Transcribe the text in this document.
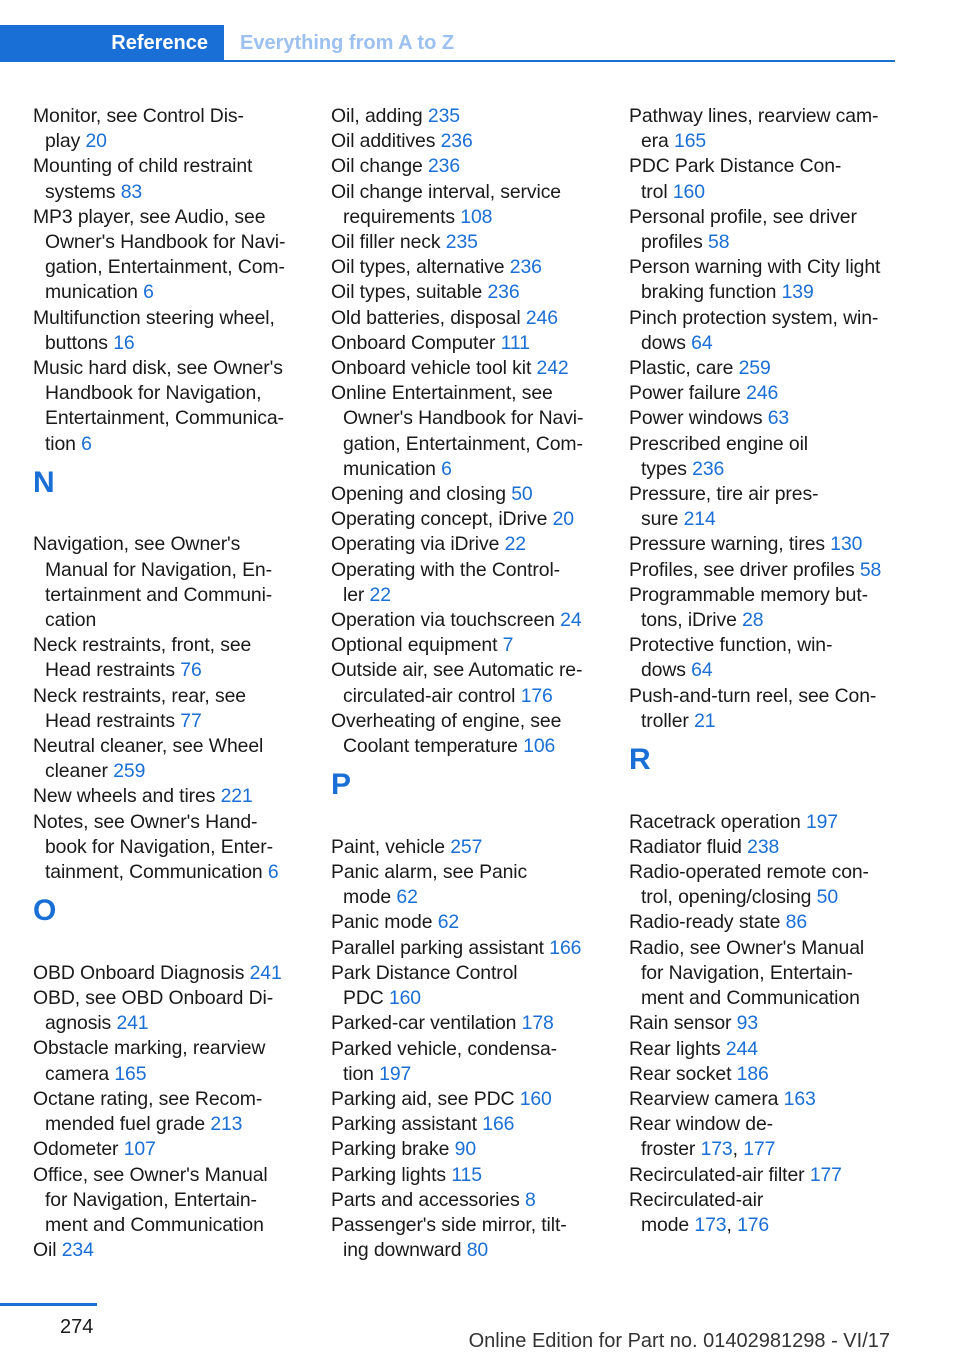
Reference	Everything from A to Z
Monitor, see Control Dis-
play 20
Mounting of child restraint
systems 83
MP3 player, see Audio, see
Owner's Handbook for Navi-
gation, Entertainment, Com-
munication 6
Multifunction steering wheel,
buttons 16
Music hard disk, see Owner's
Handbook for Navigation,
Entertainment, Communica-
tion 6
N
Navigation, see Owner's
Manual for Navigation, En-
tertainment and Communi-
cation
Neck restraints, front, see
Head restraints 76
Neck restraints, rear, see
Head restraints 77
Neutral cleaner, see Wheel
cleaner 259
New wheels and tires 221
Notes, see Owner's Hand-
book for Navigation, Enter-
tainment, Communication 6
O
OBD Onboard Diagnosis 241
OBD, see OBD Onboard Di-
agnosis 241
Obstacle marking, rearview
camera 165
Octane rating, see Recom-
mended fuel grade 213
Odometer 107
Office, see Owner's Manual
for Navigation, Entertain-
ment and Communication
Oil 234
Oil, adding 235
Oil additives 236
Oil change 236
Oil change interval, service
requirements 108
Oil filler neck 235
Oil types, alternative 236
Oil types, suitable 236
Old batteries, disposal 246
Onboard Computer 111
Onboard vehicle tool kit 242
Online Entertainment, see
Owner's Handbook for Navi-
gation, Entertainment, Com-
munication 6
Opening and closing 50
Operating concept, iDrive 20
Operating via iDrive 22
Operating with the Control-
ler 22
Operation via touchscreen 24
Optional equipment 7
Outside air, see Automatic re-
circulated-air control 176
Overheating of engine, see
Coolant temperature 106
P
Paint, vehicle 257
Panic alarm, see Panic
mode 62
Panic mode 62
Parallel parking assistant 166
Park Distance Control
PDC 160
Parked-car ventilation 178
Parked vehicle, condensa-
tion 197
Parking aid, see PDC 160
Parking assistant 166
Parking brake 90
Parking lights 115
Parts and accessories 8
Passenger's side mirror, tilt-
ing downward 80
Pathway lines, rearview cam-
era 165
PDC Park Distance Con-
trol 160
Personal profile, see driver
profiles 58
Person warning with City light
braking function 139
Pinch protection system, win-
dows 64
Plastic, care 259
Power failure 246
Power windows 63
Prescribed engine oil
types 236
Pressure, tire air pres-
sure 214
Pressure warning, tires 130
Profiles, see driver profiles 58
Programmable memory but-
tons, iDrive 28
Protective function, win-
dows 64
Push-and-turn reel, see Con-
troller 21
R
Racetrack operation 197
Radiator fluid 238
Radio-operated remote con-
trol, opening/closing 50
Radio-ready state 86
Radio, see Owner's Manual
for Navigation, Entertain-
ment and Communication
Rain sensor 93
Rear lights 244
Rear socket 186
Rearview camera 163
Rear window de-
froster 173, 177
Recirculated-air filter 177
Recirculated-air
mode 173, 176
274
Online Edition for Part no. 01402981298 - VI/17
